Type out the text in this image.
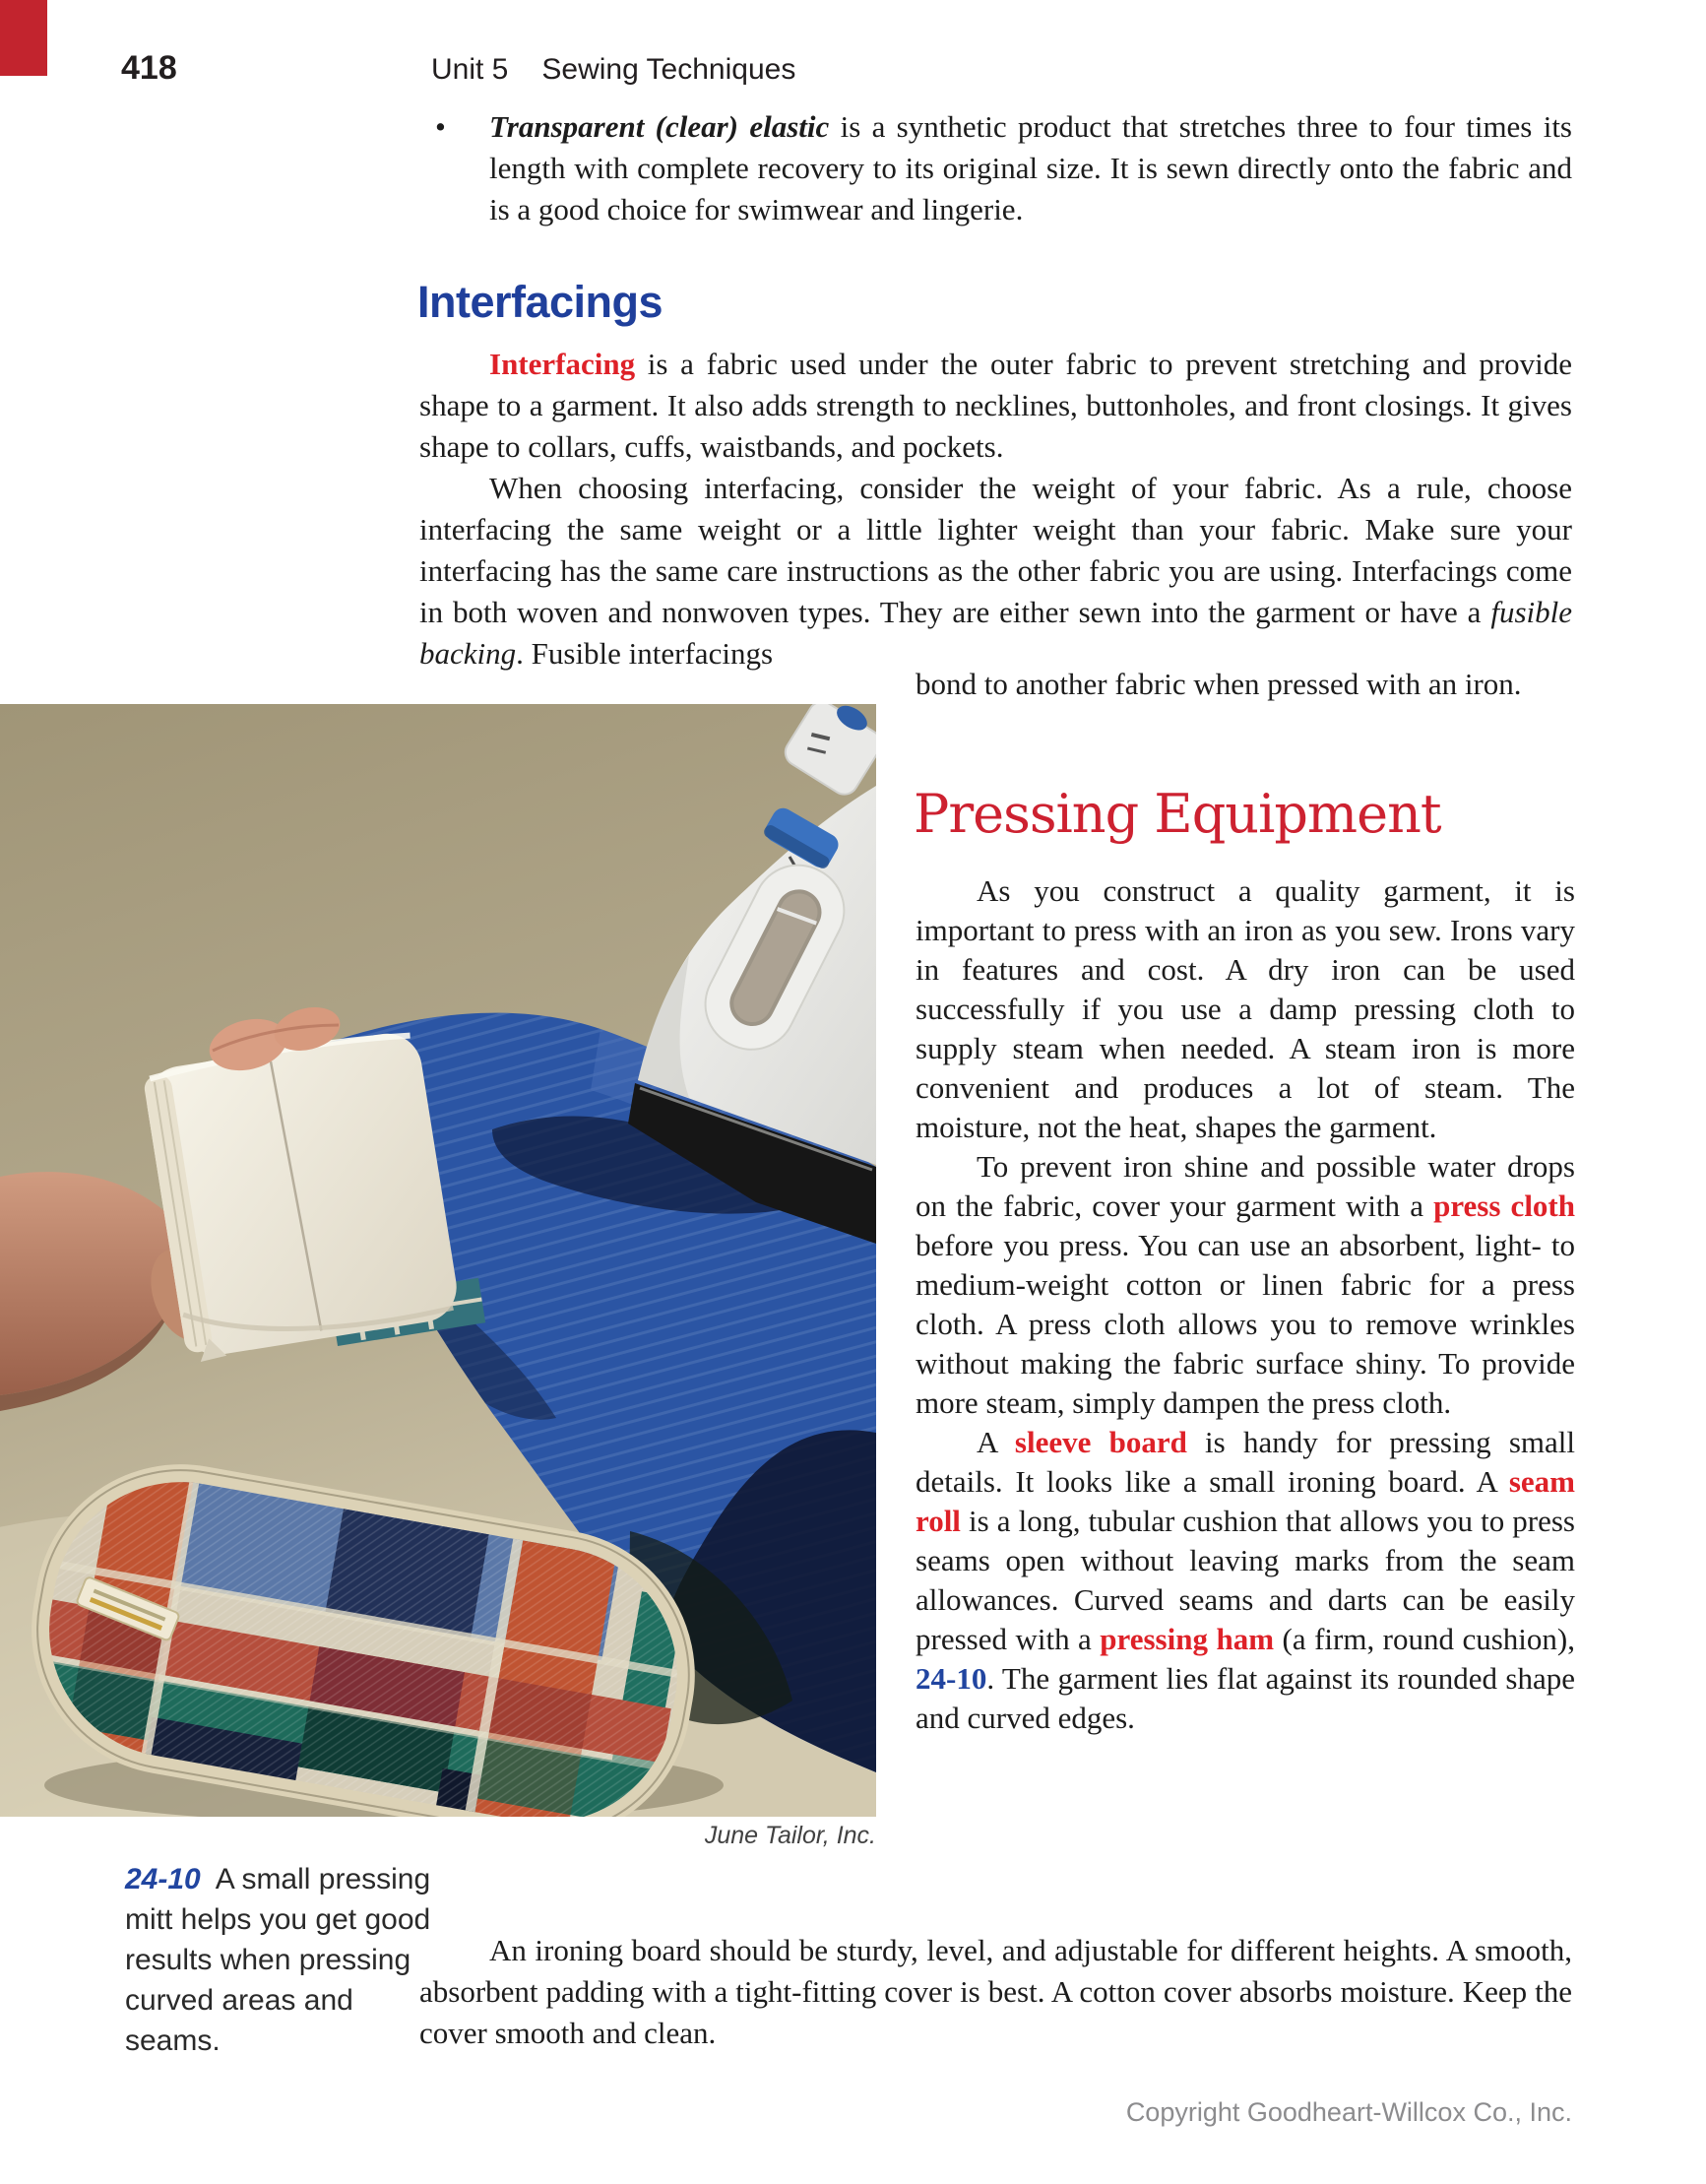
418	Unit 5 Sewing Techniques
•	Transparent (clear) elastic is a synthetic product that stretches three to four times its length with complete recovery to its original size. It is sewn directly onto the fabric and is a good choice for swimwear and lingerie.
Interfacings

Interfacing is a fabric used under the outer fabric to prevent stretching and provide shape to a garment. It also adds strength to necklines, buttonholes, and front closings. It gives shape to collars, cuffs, waistbands, and pockets.

When choosing interfacing, consider the weight of your fabric. As a rule, choose interfacing the same weight or a little lighter weight than your fabric. Make sure your interfacing has the same care instructions as the other fabric you are using. Interfacings come in both woven and nonwoven types. They are either sewn into the garment or have a fusible backing. Fusible interfacings

bond to another fabric when pressed with an iron.
Pressing Equipment

As you construct a quality garment, it is important to press with an iron as you sew. Irons vary in features and cost. A dry iron can be used successfully if you use a damp pressing cloth to supply steam when needed. A steam iron is more convenient and produces a lot of steam. The moisture, not the heat, shapes the garment.

To prevent iron shine and possible water drops on the fabric, cover your garment with a press cloth before you press. You can use an absorbent, light- to medium-weight cotton or linen fabric for a press cloth. A press cloth allows you to remove wrinkles without making the fabric surface shiny. To provide more steam, simply dampen the press cloth.

A sleeve board is handy for pressing small details. It looks like a small ironing board. A seam roll is a long, tubular cushion that allows you to press seams open without leaving marks from the seam allowances. Curved seams and darts can be easily pressed with a pressing ham (a firm, round cushion), 24-10. The garment lies flat against its rounded shape and curved edges.

An ironing board should be sturdy, level, and adjustable for different heights. A smooth, absorbent padding with a tight-fitting cover is best. A cotton cover absorbs moisture. Keep the cover smooth and clean.

June Tailor, Inc.
24-10  A small pressing mitt helps you get good results when pressing curved areas and seams.
Copyright Goodheart-Willcox Co., Inc.
